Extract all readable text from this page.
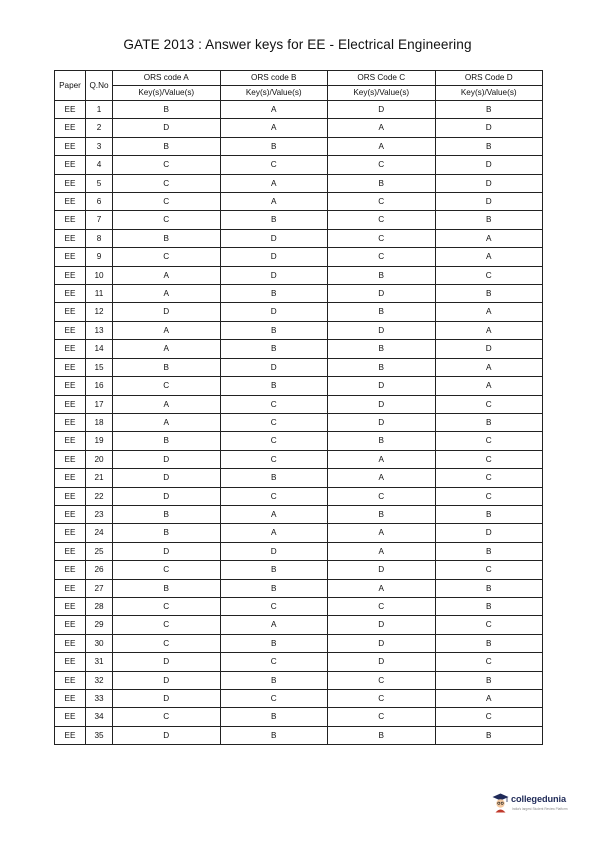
GATE 2013 : Answer keys for EE - Electrical Engineering
Paper	Q.No	ORS code A	ORS code B	ORS Code C	ORS Code D
		Key(s)/Value(s)	Key(s)/Value(s)	Key(s)/Value(s)	Key(s)/Value(s)
EE	1	B	A	D	B
EE	2	D	A	A	D
EE	3	B	B	A	B
EE	4	C	C	C	D
EE	5	C	A	B	D
EE	6	C	A	C	D
EE	7	C	B	C	B
EE	8	B	D	C	A
EE	9	C	D	C	A
EE	10	A	D	B	C
EE	11	A	B	D	B
EE	12	D	D	B	A
EE	13	A	B	D	A
EE	14	A	B	B	D
EE	15	B	D	B	A
EE	16	C	B	D	A
EE	17	A	C	D	C
EE	18	A	C	D	B
EE	19	B	C	B	C
EE	20	D	C	A	C
EE	21	D	B	A	C
EE	22	D	C	C	C
EE	23	B	A	B	B
EE	24	B	A	A	D
EE	25	D	D	A	B
EE	26	C	B	D	C
EE	27	B	B	A	B
EE	28	C	C	C	B
EE	29	C	A	D	C
EE	30	C	B	D	B
EE	31	D	C	D	C
EE	32	D	B	C	B
EE	33	D	C	C	A
EE	34	C	B	C	C
EE	35	D	B	B	B
collegedunia
India's largest Student Review Platform
